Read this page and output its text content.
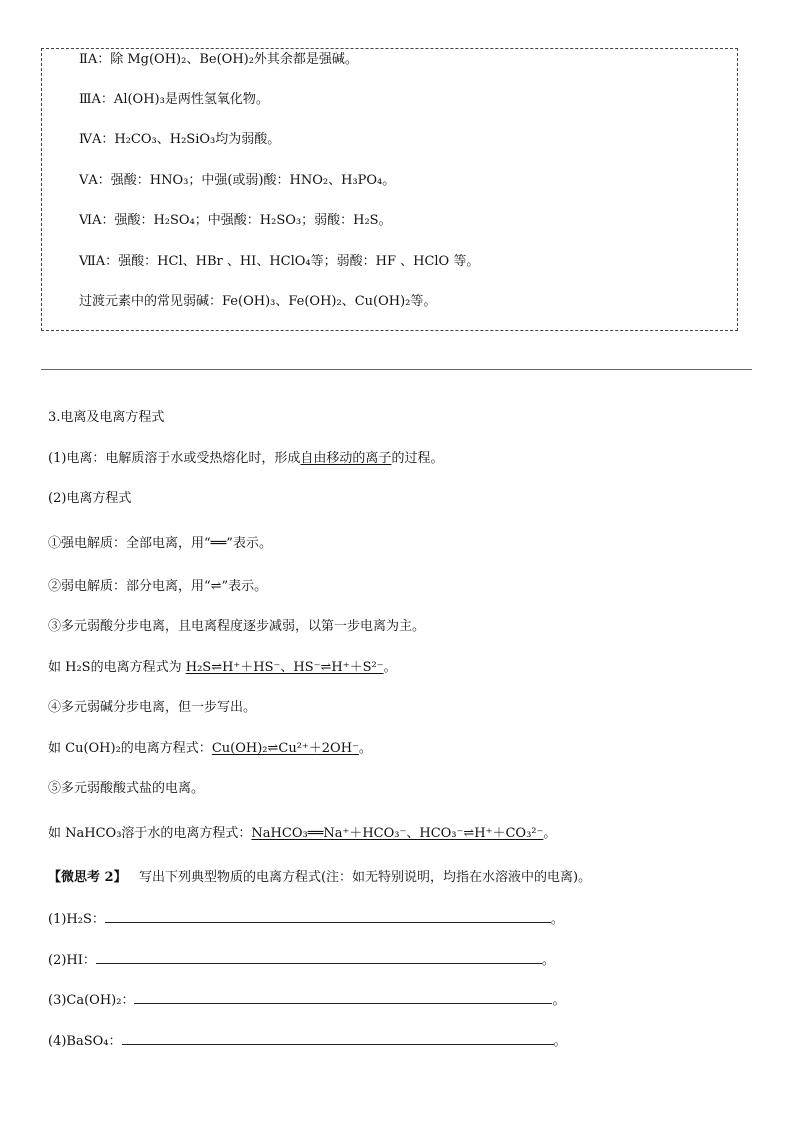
ⅡA：除 Mg(OH)₂、Be(OH)₂外其余都是强碱。
ⅢA：Al(OH)₃是两性氢氧化物。
ⅣA：H₂CO₃、H₂SiO₃均为弱酸。
ⅤA：强酸：HNO₃；中强(或弱)酸：HNO₂、H₃PO₄。
ⅥA：强酸：H₂SO₄；中强酸：H₂SO₃；弱酸：H₂S。
ⅦA：强酸：HCl、HBr 、HI、HClO₄等；弱酸：HF 、HClO 等。
过渡元素中的常见弱碱：Fe(OH)₃、Fe(OH)₂、Cu(OH)₂等。
3.电离及电离方程式
(1)电离：电解质溶于水或受热熔化时，形成自由移动的离子的过程。
(2)电离方程式
①强电解质：全部电离，用“══”表示。
②弱电解质：部分电离，用“⇌”表示。
③多元弱酸分步电离，且电离程度逐步减弱，以第一步电离为主。
如 H₂S的电离方程式为 H₂S⇌H⁺＋HS⁻、HS⁻⇌H⁺＋S²⁻。
④多元弱碱分步电离，但一步写出。
如 Cu(OH)₂的电离方程式：Cu(OH)₂⇌Cu²⁺＋2OH⁻。
⑤多元弱酸酸式盐的电离。
如 NaHCO₃溶于水的电离方程式：NaHCO₃══Na⁺＋HCO₃⁻、HCO₃⁻⇌H⁺＋CO₃²⁻。
【微思考 2】 写出下列典型物质的电离方程式(注：如无特别说明，均指在水溶液中的电离)。
(1)H₂S：	。
(2)HI：	。
(3)Ca(OH)₂：	。
(4)BaSO₄：	。
